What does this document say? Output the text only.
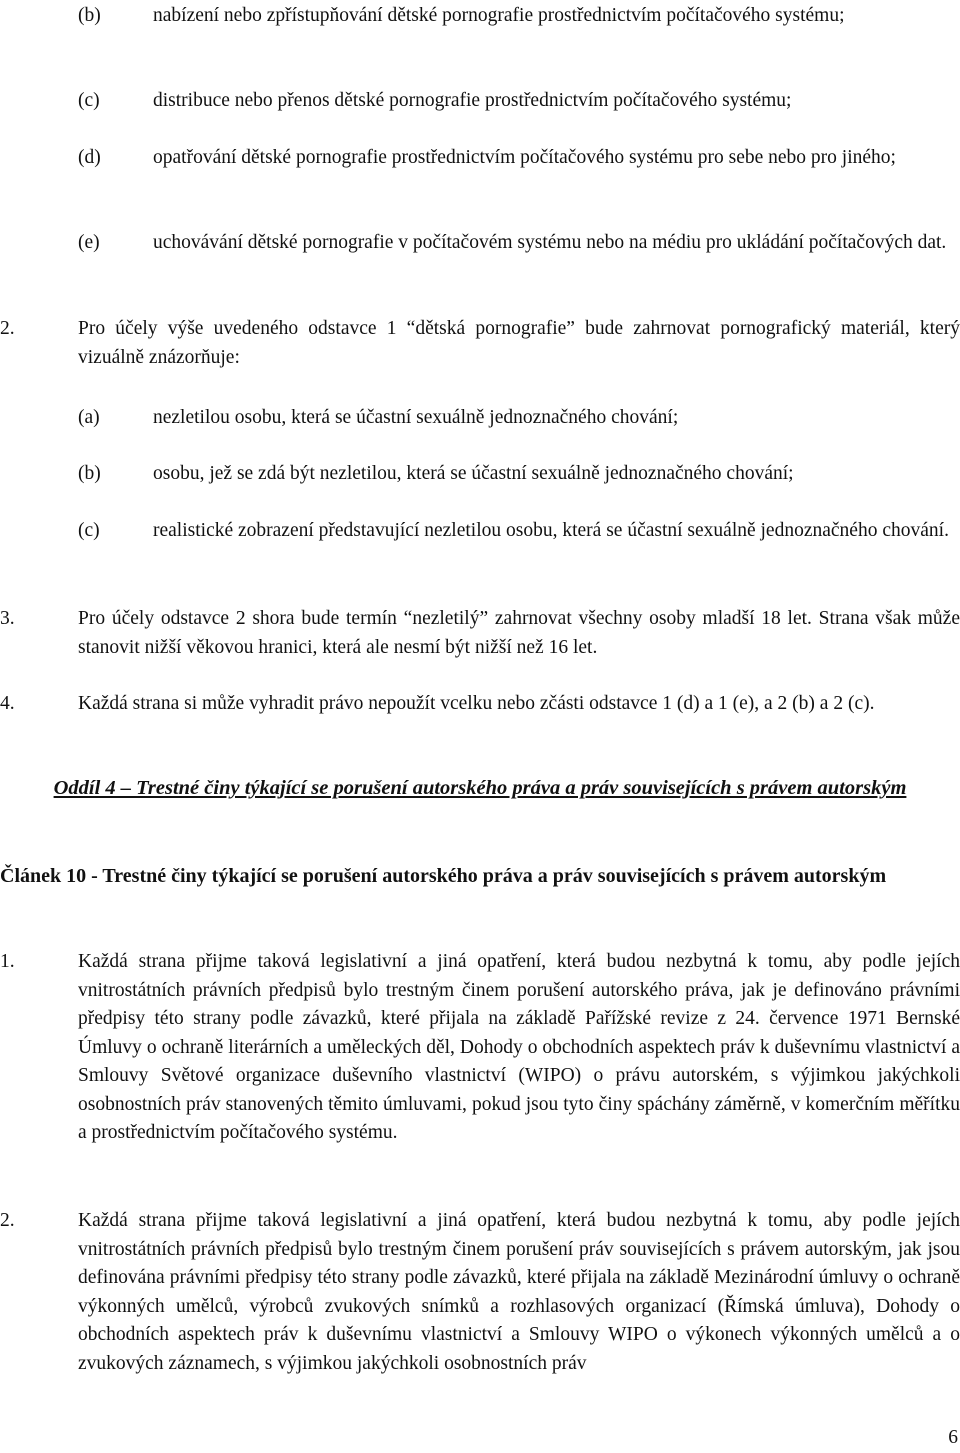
(b)	nabízení nebo zpřístupňování dětské pornografie prostřednictvím počítačového systému;
(c)	distribuce nebo přenos dětské pornografie prostřednictvím počítačového systému;
(d)	opatřování dětské pornografie prostřednictvím počítačového systému pro sebe nebo pro jiného;
(e)	uchovávání dětské pornografie v počítačovém systému nebo na médiu pro ukládání počítačových dat.
2.	Pro účely výše uvedeného odstavce 1 “dětská pornografie” bude zahrnovat pornografický materiál, který vizuálně znázorňuje:
(a)	nezletilou osobu, která se účastní sexuálně jednoznačného chování;
(b)	osobu, jež se zdá být nezletilou, která se účastní sexuálně jednoznačného chování;
(c)	realistické zobrazení představující nezletilou osobu, která se účastní sexuálně jednoznačného chování.
3.	Pro účely odstavce 2 shora bude termín “nezletilý” zahrnovat všechny osoby mladší 18 let. Strana však může stanovit nižší věkovou hranici, která ale nesmí být nižší než 16 let.
4.	Každá strana si může vyhradit právo nepoužít vcelku nebo zčásti odstavce 1 (d) a 1 (e), a 2 (b) a 2 (c).
Oddíl 4 – Trestné činy týkající se porušení autorského práva a práv souvisejících s právem autorským
Článek 10 - Trestné činy týkající se porušení autorského práva a práv souvisejících s právem autorským
1.	Každá strana přijme taková legislativní a jiná opatření, která budou nezbytná k tomu, aby podle jejích vnitrostátních právních předpisů bylo trestným činem porušení autorského práva, jak je definováno právními předpisy této strany podle závazků, které přijala na základě Pařížské revize z 24. července 1971 Bernské Úmluvy o ochraně literárních a uměleckých děl, Dohody o obchodních aspektech práv k duševnímu vlastnictví a Smlouvy Světové organizace duševního vlastnictví (WIPO) o právu autorském, s výjimkou jakýchkoli osobnostních práv stanovených těmito úmluvami, pokud jsou tyto činy spáchány záměrně, v komerčním měřítku a prostřednictvím počítačového systému.
2.	Každá strana přijme taková legislativní a jiná opatření, která budou nezbytná k tomu, aby podle jejích vnitrostátních právních předpisů bylo trestným činem porušení práv souvisejících s právem autorským, jak jsou definována právními předpisy této strany podle závazků, které přijala na základě Mezinárodní úmluvy o ochraně výkonných umělců, výrobců zvukových snímků a rozhlasových organizací (Římská úmluva), Dohody o obchodních aspektech práv k duševnímu vlastnictví a Smlouvy WIPO o výkonech výkonných umělců a o zvukových záznamech, s výjimkou jakýchkoli osobnostních práv
6
